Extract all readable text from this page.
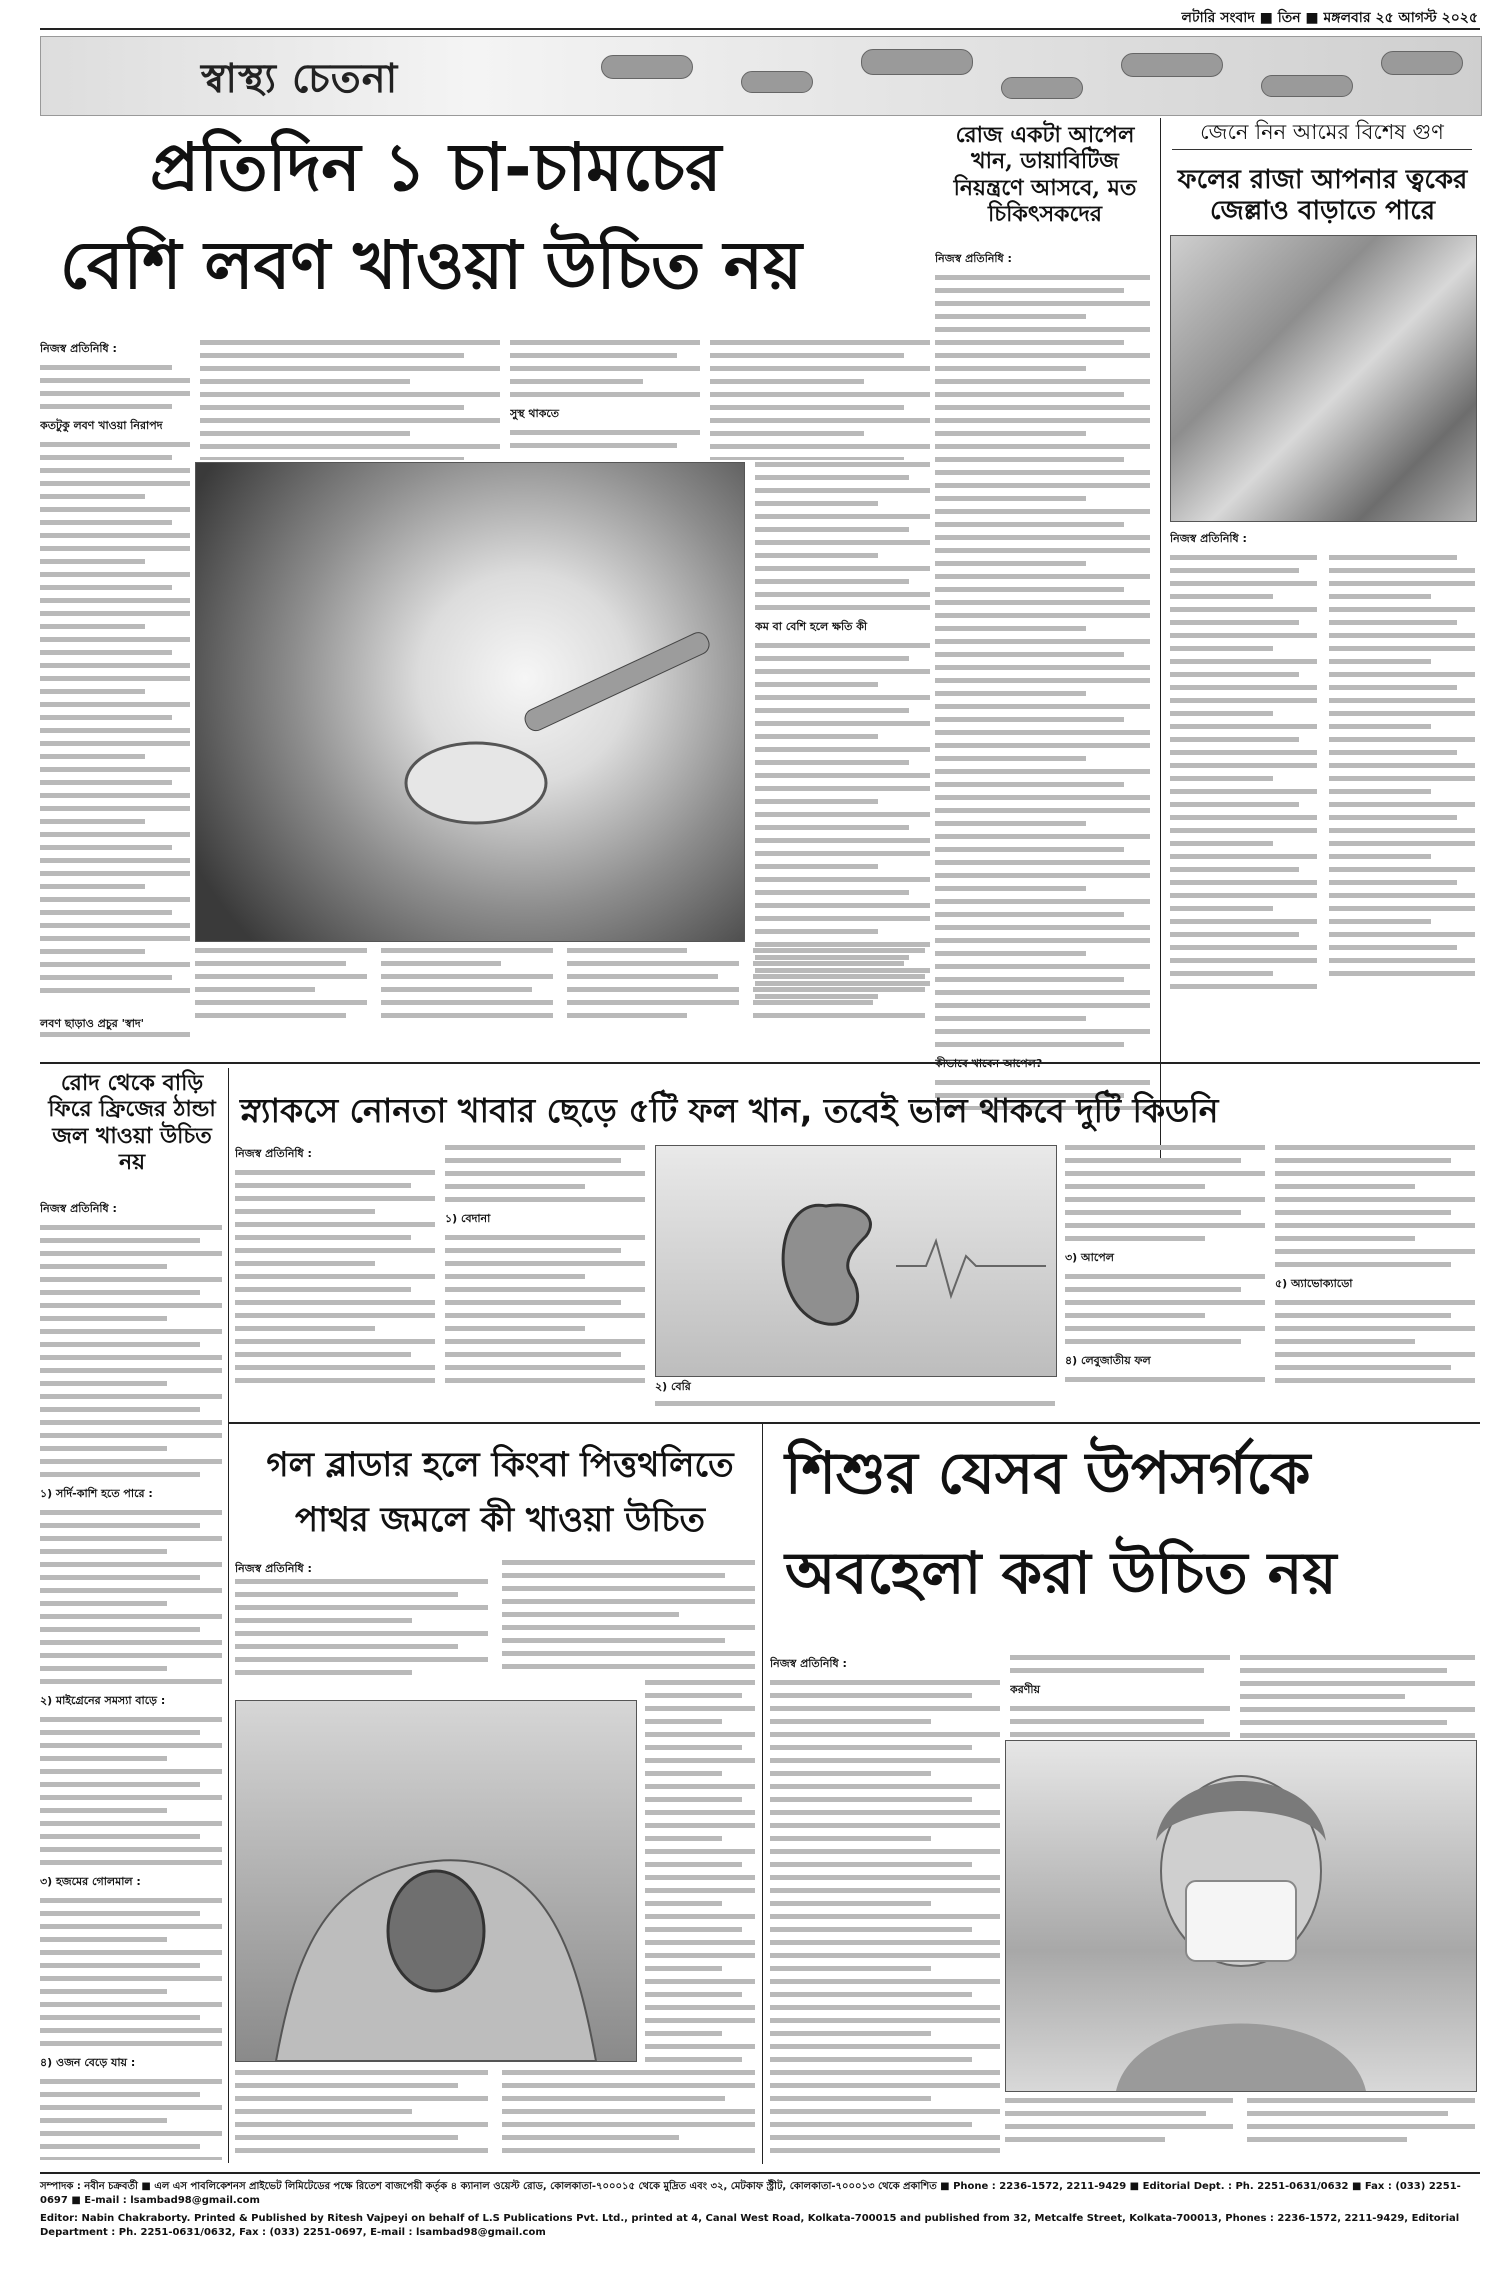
লটারি সংবাদ ■ তিন ■ মঙ্গলবার ২৫ আগস্ট ২০২৫
স্বাস্থ্য চেতনা
প্রতিদিন ১ চা-চামচের
বেশি লবণ খাওয়া উচিত নয়
রোজ একটা আপেল খান, ডায়াবিটিজ নিয়ন্ত্রণে আসবে, মত চিকিৎসকদের
জেনে নিন আমের বিশেষ গুণ
ফলের রাজা আপনার ত্বকের জেল্লাও বাড়াতে পারে
নিজস্ব প্রতিনিধি :
কতটুকু লবণ খাওয়া নিরাপদ
সুস্থ থাকতে
কম বা বেশি হলে ক্ষতি কী
নিজস্ব প্রতিনিধি :
নিজস্ব প্রতিনিধি :
লবণ ছাড়াও প্রচুর 'স্বাদ'
রোদ থেকে বাড়ি ফিরে ফ্রিজের ঠান্ডা জল খাওয়া উচিত নয়
নিজস্ব প্রতিনিধি :
১) সর্দি-কাশি হতে পারে :
২) মাইগ্রেনের সমস্যা বাড়ে :
৩) হজমের গোলমাল :
৪) ওজন বেড়ে যায় :
স্ন্যাকসে নোনতা খাবার ছেড়ে ৫টি ফল খান, তবেই ভাল থাকবে দুটি কিডনি
নিজস্ব প্রতিনিধি :
১) বেদানা
৩) আপেল
৪) লেবুজাতীয় ফল
৫) অ্যাভোক্যাডো
২) বেরি
গল ব্লাডার হলে কিংবা পিত্তথলিতে
পাথর জমলে কী খাওয়া উচিত
নিজস্ব প্রতিনিধি :
শিশুর যেসব উপসর্গকে
অবহেলা করা উচিত নয়
নিজস্ব প্রতিনিধি :
করণীয়
সম্পাদক : নবীন চক্রবর্তী ■ এল এস পাবলিকেশনস প্রাইভেট লিমিটেডের পক্ষে রিতেশ বাজপেয়ী কর্তৃক ৪ ক্যানাল ওয়েস্ট রোড, কোলকাতা-৭০০০১৫ থেকে মুদ্রিত এবং ৩২, মেটকাফ স্ট্রীট, কোলকাতা-৭০০০১৩ থেকে প্রকাশিত ■ Phone : 2236-1572, 2211-9429 ■ Editorial Dept. : Ph. 2251-0631/0632 ■ Fax : (033) 2251-0697 ■ E-mail : lsambad98@gmail.com
Editor: Nabin Chakraborty. Printed & Published by Ritesh Vajpeyi on behalf of L.S Publications Pvt. Ltd., printed at 4, Canal West Road, Kolkata-700015 and published from 32, Metcalfe Street, Kolkata-700013, Phones : 2236-1572, 2211-9429, Editorial Department : Ph. 2251-0631/0632, Fax : (033) 2251-0697, E-mail : lsambad98@gmail.com
